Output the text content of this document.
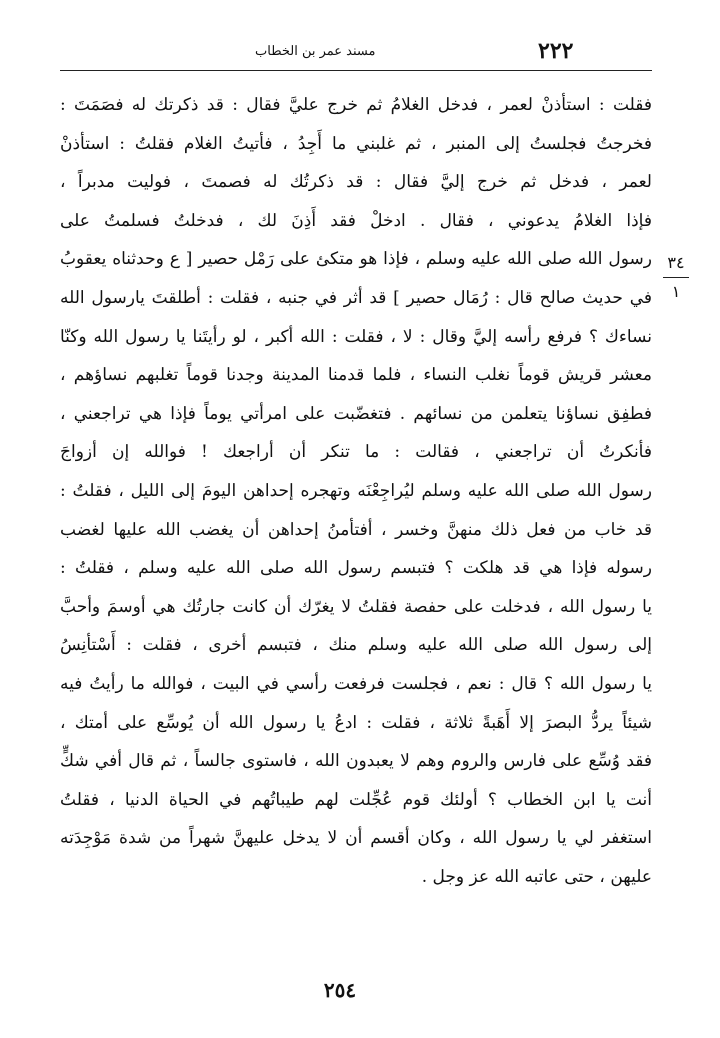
٢٢٢
مسند عمر بن الخطاب
٣٤
١
فقلت : استأذنْ لعمر ، فدخل الغلامُ ثم خرج عليَّ فقال : قد ذكرتك له فصَمَتَ :
فخرجتُ فجلستُ إلى المنبر ، ثم غلبني ما أَجِدُ ، فأتيتُ الغلام فقلتُ : استأذنْ
لعمر ، فدخل ثم خرج إليَّ فقال : قد ذكرتُك له فصمتَ ، فوليت مدبراً ،
فإذا الغلامُ يدعوني ، فقال . ادخلْ فقد أَذِنَ لك ، فدخلتُ فسلمتُ على
رسول الله صلى الله عليه وسلم ، فإذا هو متكئ على رَمْل حصير [ ع وحدثناه يعقوبُ
في حديث صالح قال : رُمَال حصير ] قد أثر في جنبه ، فقلت : أطلقتَ يارسول الله
نساءك ؟ فرفع رأسه إليَّ وقال : لا ، فقلت : الله أكبر ، لو رأيتَنا يا رسول الله وكنّا
معشر قريش قوماً نغلب النساء ، فلما قدمنا المدينة وجدنا قوماً تغلبهم نساؤهم ،
فطفِق نساؤنا يتعلمن من نسائهم . فتغضّبت على امرأتي يوماً فإذا هي تراجعني ،
فأنكرتُ أن تراجعني ، فقالت : ما تنكر أن أراجعك ! فوالله إن أزواجَ
رسول الله صلى الله عليه وسلم ليُراجِعْنَه وتهجره إحداهن اليومَ إلى الليل ، فقلتُ :
قد خاب من فعل ذلك منهنَّ وخسر ، أفتأمنُ إحداهن أن يغضب الله عليها لغضب
رسوله فإذا هي قد هلكت ؟ فتبسم رسول الله صلى الله عليه وسلم ، فقلتُ :
يا رسول الله ، فدخلت على حفصة فقلتُ لا يغرّك أن كانت جارتُك هي أوسمَ وأحبَّ
إلى رسول الله صلى الله عليه وسلم منك ، فتبسم أخرى ، فقلت : أَسْتأنِسُ
يا رسول الله ؟ قال : نعم ، فجلست فرفعت رأسي في البيت ، فوالله ما رأيتُ فيه
شيئاً يردُّ البصرَ إلا أَهَبةً ثلاثة ، فقلت : ادعُ يا رسول الله أن يُوسِّع على أمتك ،
فقد وُسِّع على فارس والروم وهم لا يعبدون الله ، فاستوى جالساً ، ثم قال أفي شكٍّ
أنت يا ابن الخطاب ؟ أولئك قوم عُجِّلت لهم طيباتُهم في الحياة الدنيا ، فقلتُ
استغفر لي يا رسول الله ، وكان أقسم أن لا يدخل عليهنَّ شهراً من شدة مَوْجِدَته
عليهن ، حتى عاتبه الله عز وجل .
٢٥٤
